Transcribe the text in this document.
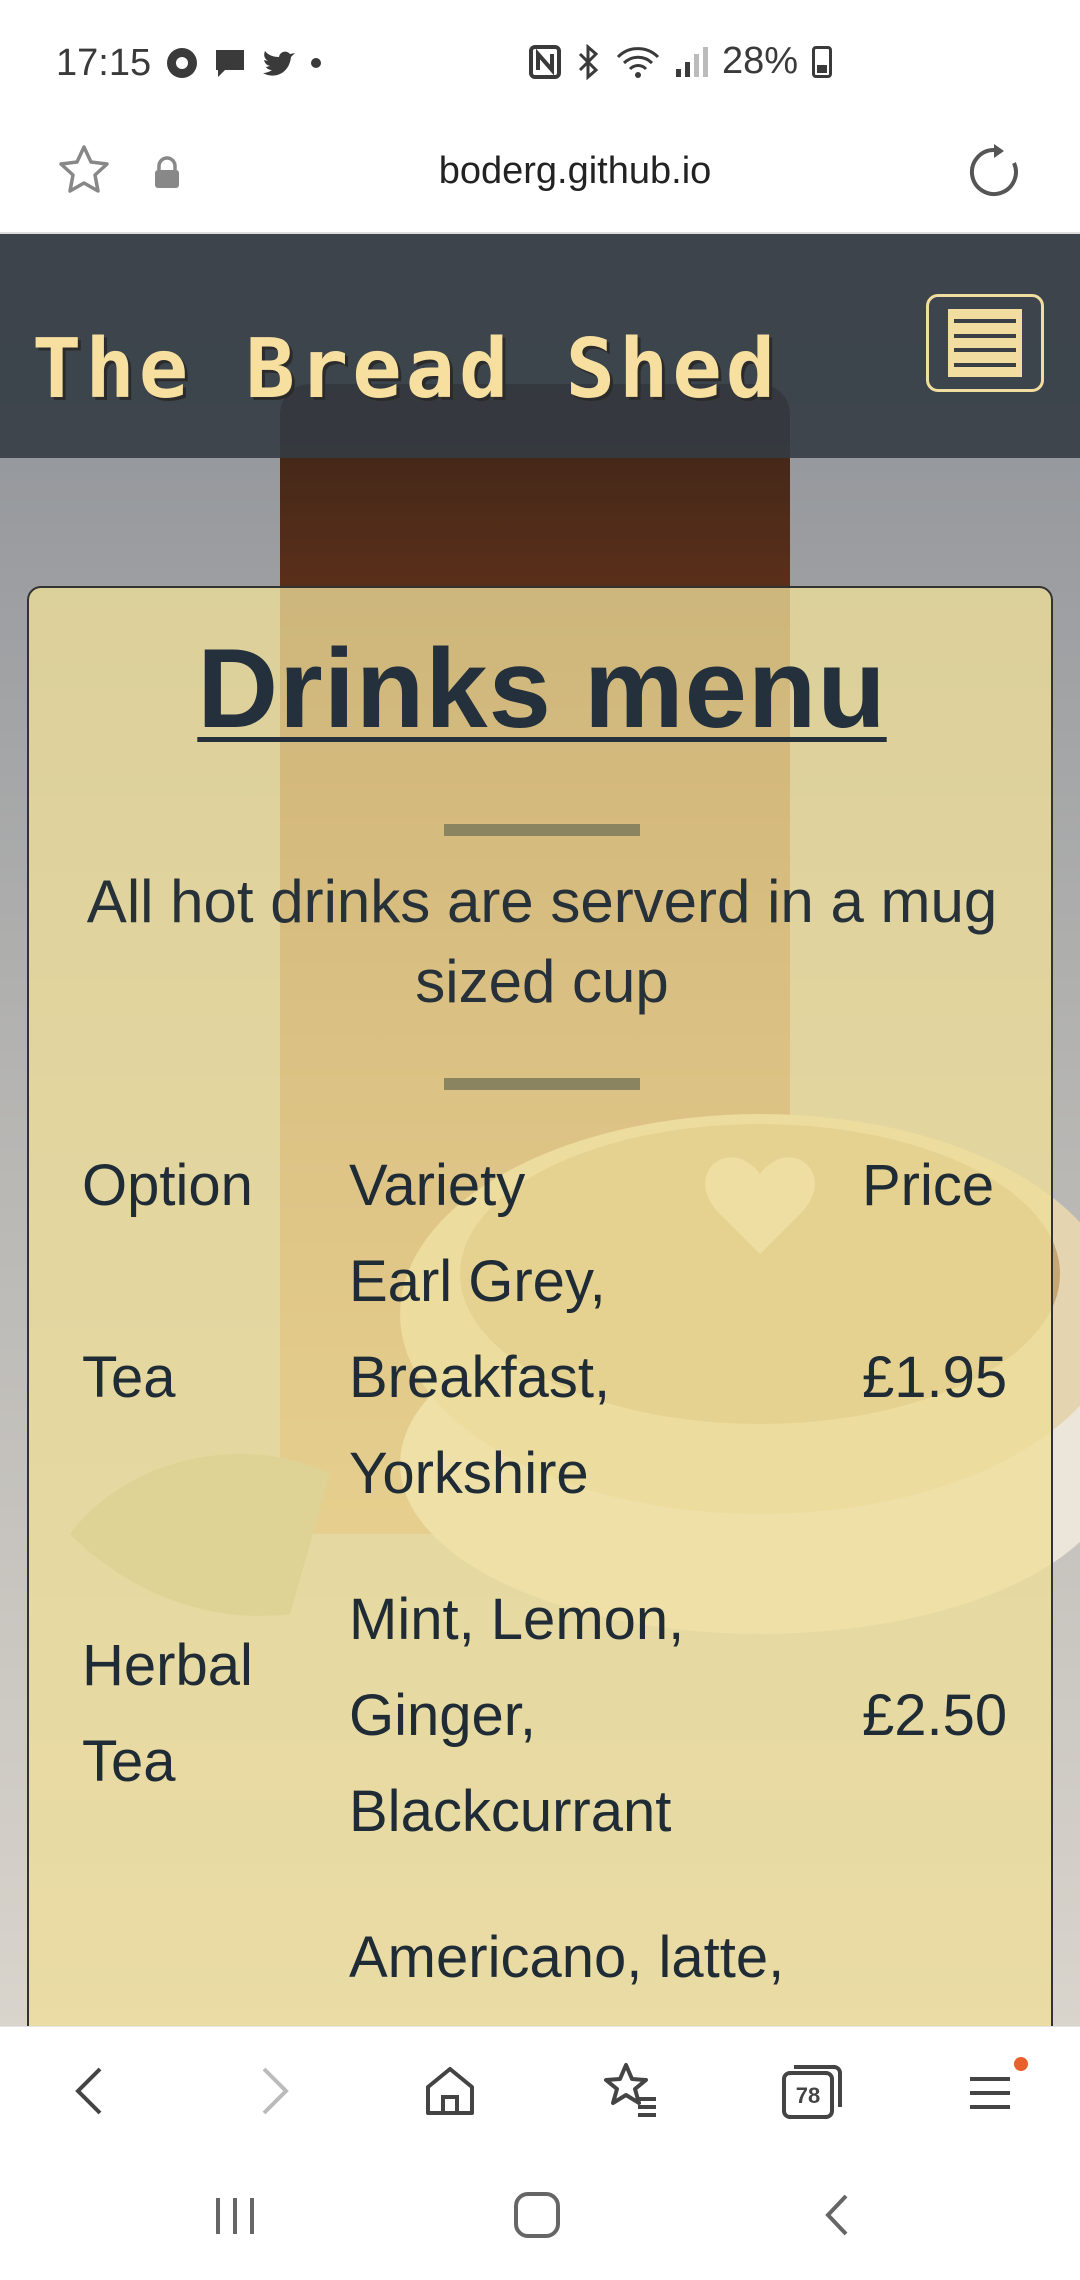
17:15	28%
boderg.github.io
The Bread Shed
Drinks menu
All hot drinks are serverd in a mug sized cup
Option Variety	Price
Tea
Earl Grey,
Breakfast,
Yorkshire
£1.95
Herbal
Tea
Mint, Lemon,
Ginger,
Blackcurrant
£2.50
Americano, latte,
78
